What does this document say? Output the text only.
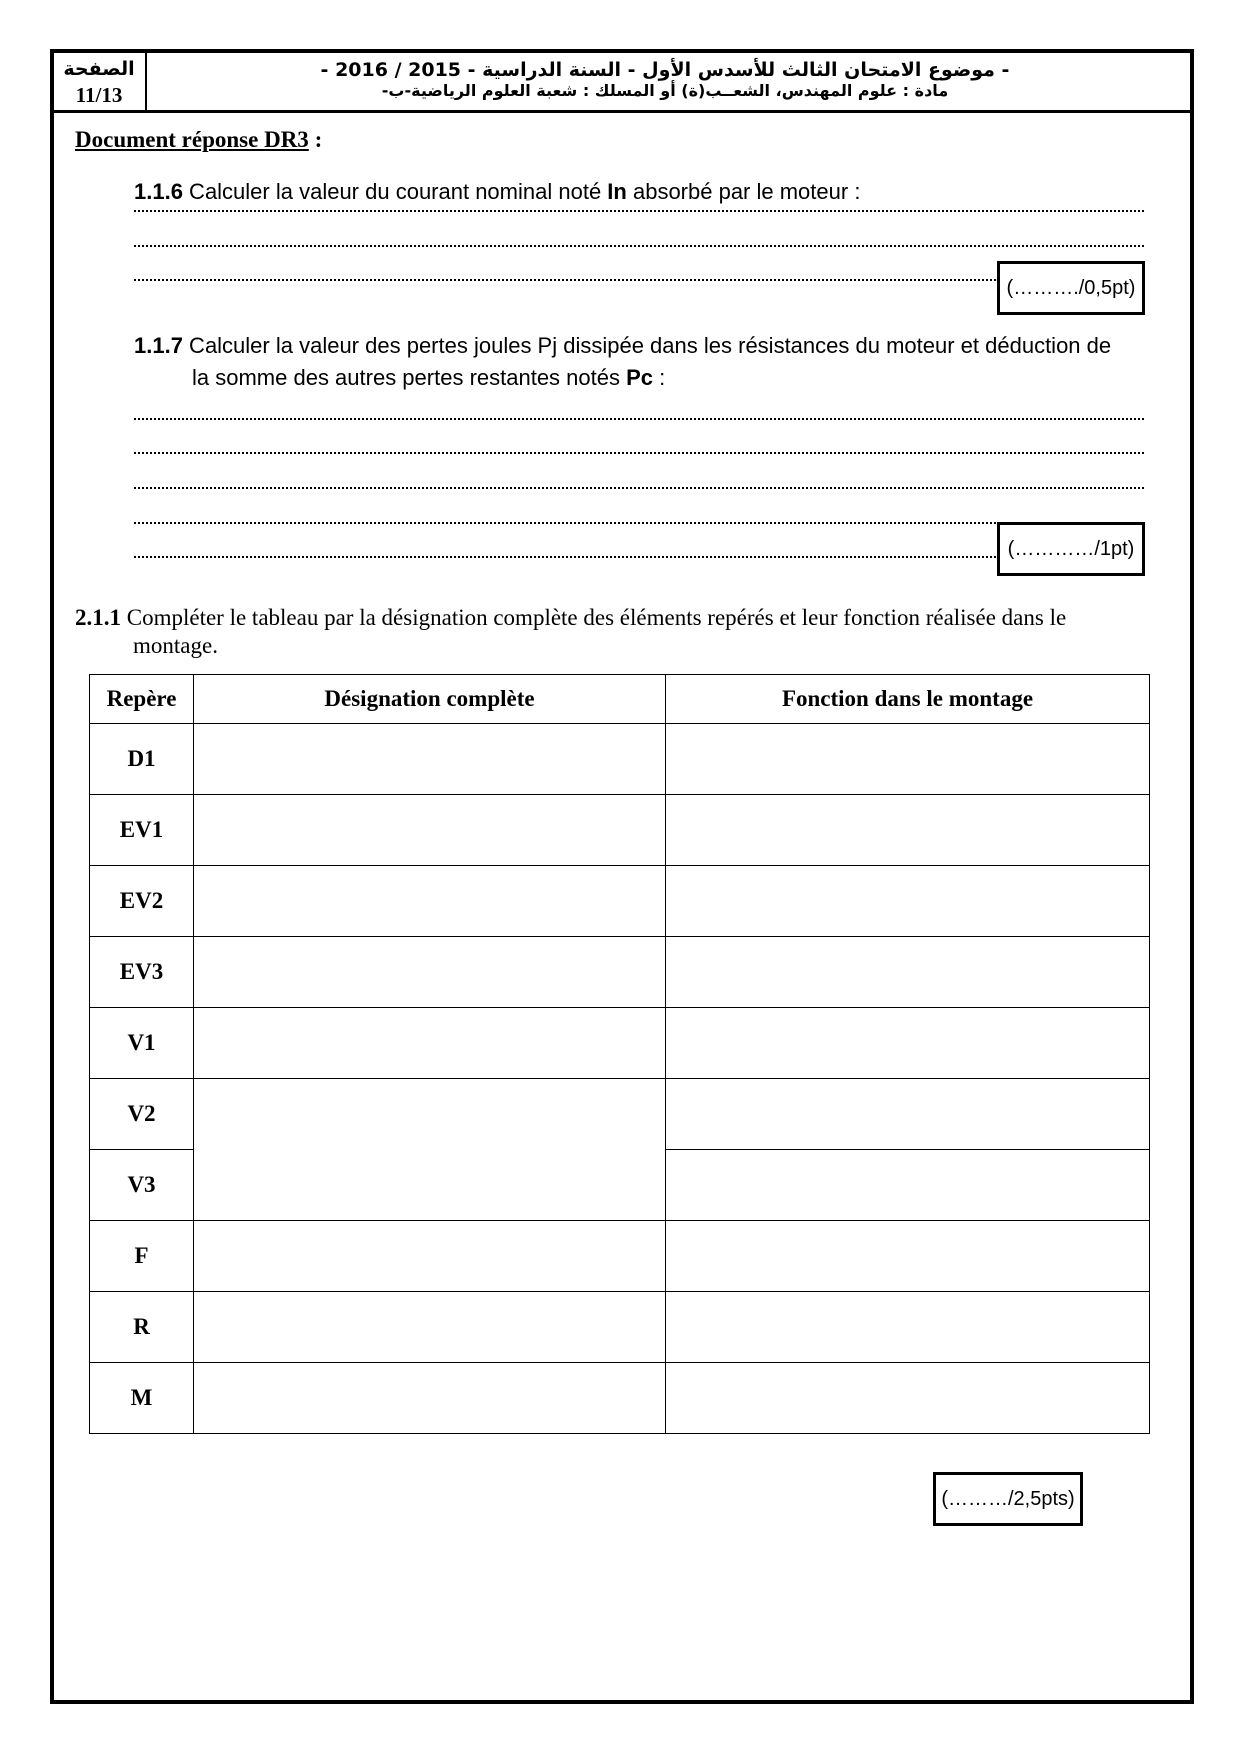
الصفحة
11/13
- موضوع الامتحان الثالث للأسدس الأول - السنة الدراسية - 2015 / 2016 -
مادة : علوم المهندس، الشعــب(ة) أو المسلك : شعبة العلوم الرياضية-ب-
Document réponse DR3 :
1.1.6 Calculer la valeur du courant nominal noté In absorbé par le moteur :
(………./0,5pt)
1.1.7 Calculer la valeur des pertes joules Pj dissipée dans les résistances du moteur et déduction de
la somme des autres pertes restantes notés Pc :
(…………/1pt)
2.1.1 Compléter le tableau par la désignation complète des éléments repérés et leur fonction réalisée dans le
montage.
Repère	Désignation complète	Fonction dans le montage
D1		
EV1		
EV2		
EV3		
V1		
V2		
V3		
F		
R		
M		
(………/2,5pts)
